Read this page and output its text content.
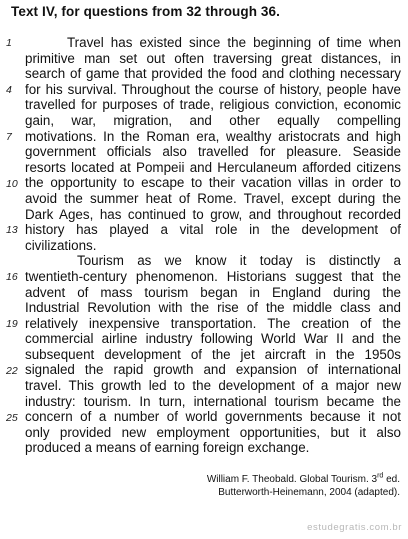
Text IV, for questions from 32 through 36.
1
4
7
10
13
16
19
22
25
Travel has existed since the beginning of time when
primitive man set out often traversing great distances, in
search of game that provided the food and clothing necessary
for his survival. Throughout the course of history, people have
travelled for purposes of trade, religious conviction, economic
gain, war, migration, and other equally compelling
motivations. In the Roman era, wealthy aristocrats and high
government officials also travelled for pleasure. Seaside
resorts located at Pompeii and Herculaneum afforded citizens
the opportunity to escape to their vacation villas in order to
avoid the summer heat of Rome. Travel, except during the
Dark Ages, has continued to grow, and throughout recorded
history has played a vital role in the development of
civilizations.
Tourism as we know it today is distinctly a
twentieth-century phenomenon. Historians suggest that the
advent of mass tourism began in England during the
Industrial Revolution with the rise of the middle class and
relatively inexpensive transportation. The creation of the
commercial airline industry following World War II and the
subsequent development of the jet aircraft in the 1950s
signaled the rapid growth and expansion of international
travel. This growth led to the development of a major new
industry: tourism. In turn, international tourism became the
concern of a number of world governments because it not
only provided new employment opportunities, but it also
produced a means of earning foreign exchange.
William F. Theobald. Global Tourism. 3rd ed.
Butterworth-Heinemann, 2004 (adapted).
estudegratis.com.br
